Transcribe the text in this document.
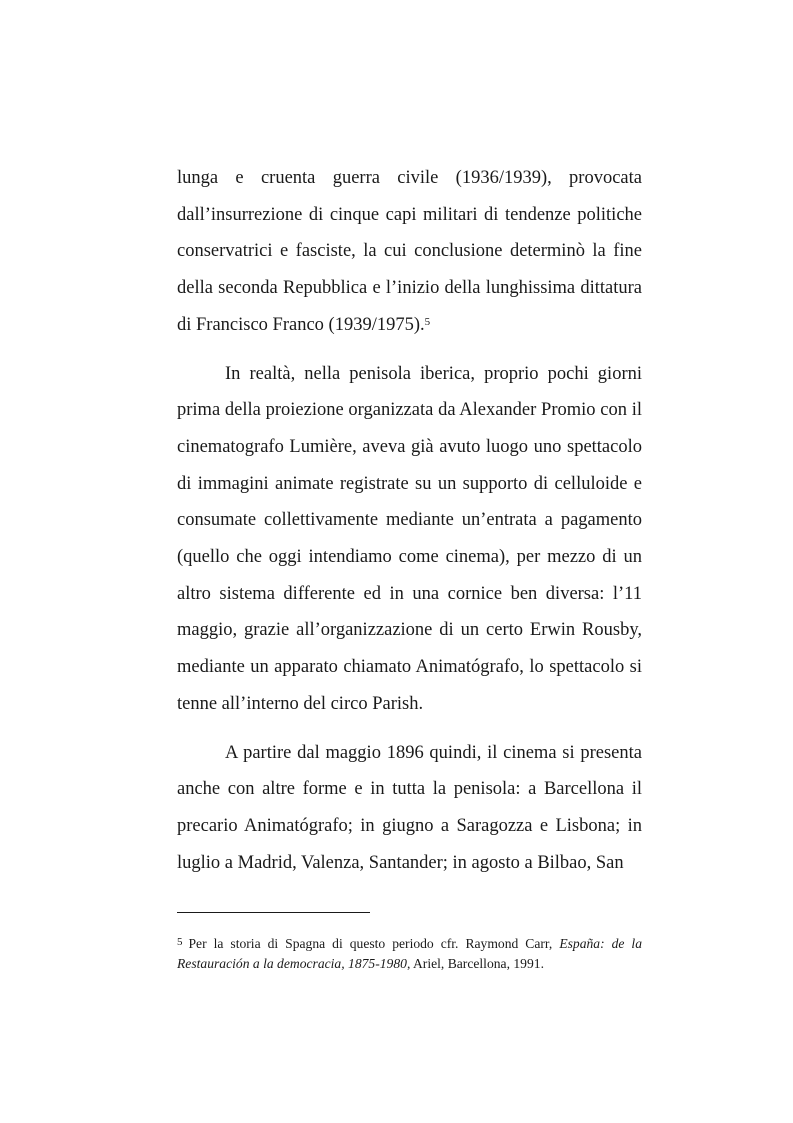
lunga e cruenta guerra civile (1936/1939), provocata dall’insurrezione di cinque capi militari di tendenze politiche conservatrici e fasciste, la cui conclusione determinò la fine della seconda Repubblica e l’inizio della lunghissima dittatura di Francisco Franco (1939/1975).$^5$

In realtà, nella penisola iberica, proprio pochi giorni prima della proiezione organizzata da Alexander Promio con il cinematografo Lumière, aveva già avuto luogo uno spettacolo di immagini animate registrate su un supporto di celluloide e consumate collettivamente mediante un’entrata a pagamento (quello che oggi intendiamo come cinema), per mezzo di un altro sistema differente ed in una cornice ben diversa: l’11 maggio, grazie all’organizzazione di un certo Erwin Rousby, mediante un apparato chiamato Animatógrafo, lo spettacolo si tenne all’interno del circo Parish.

A partire dal maggio 1896 quindi, il cinema si presenta anche con altre forme e in tutta la penisola: a Barcellona il precario Animatógrafo; in giugno a Saragozza e Lisbona; in luglio a Madrid, Valenza, Santander; in agosto a Bilbao, San

$^5$ Per la storia di Spagna di questo periodo cfr. Raymond Carr, España: de la Restauración a la democracia, 1875-1980, Ariel, Barcellona, 1991.
